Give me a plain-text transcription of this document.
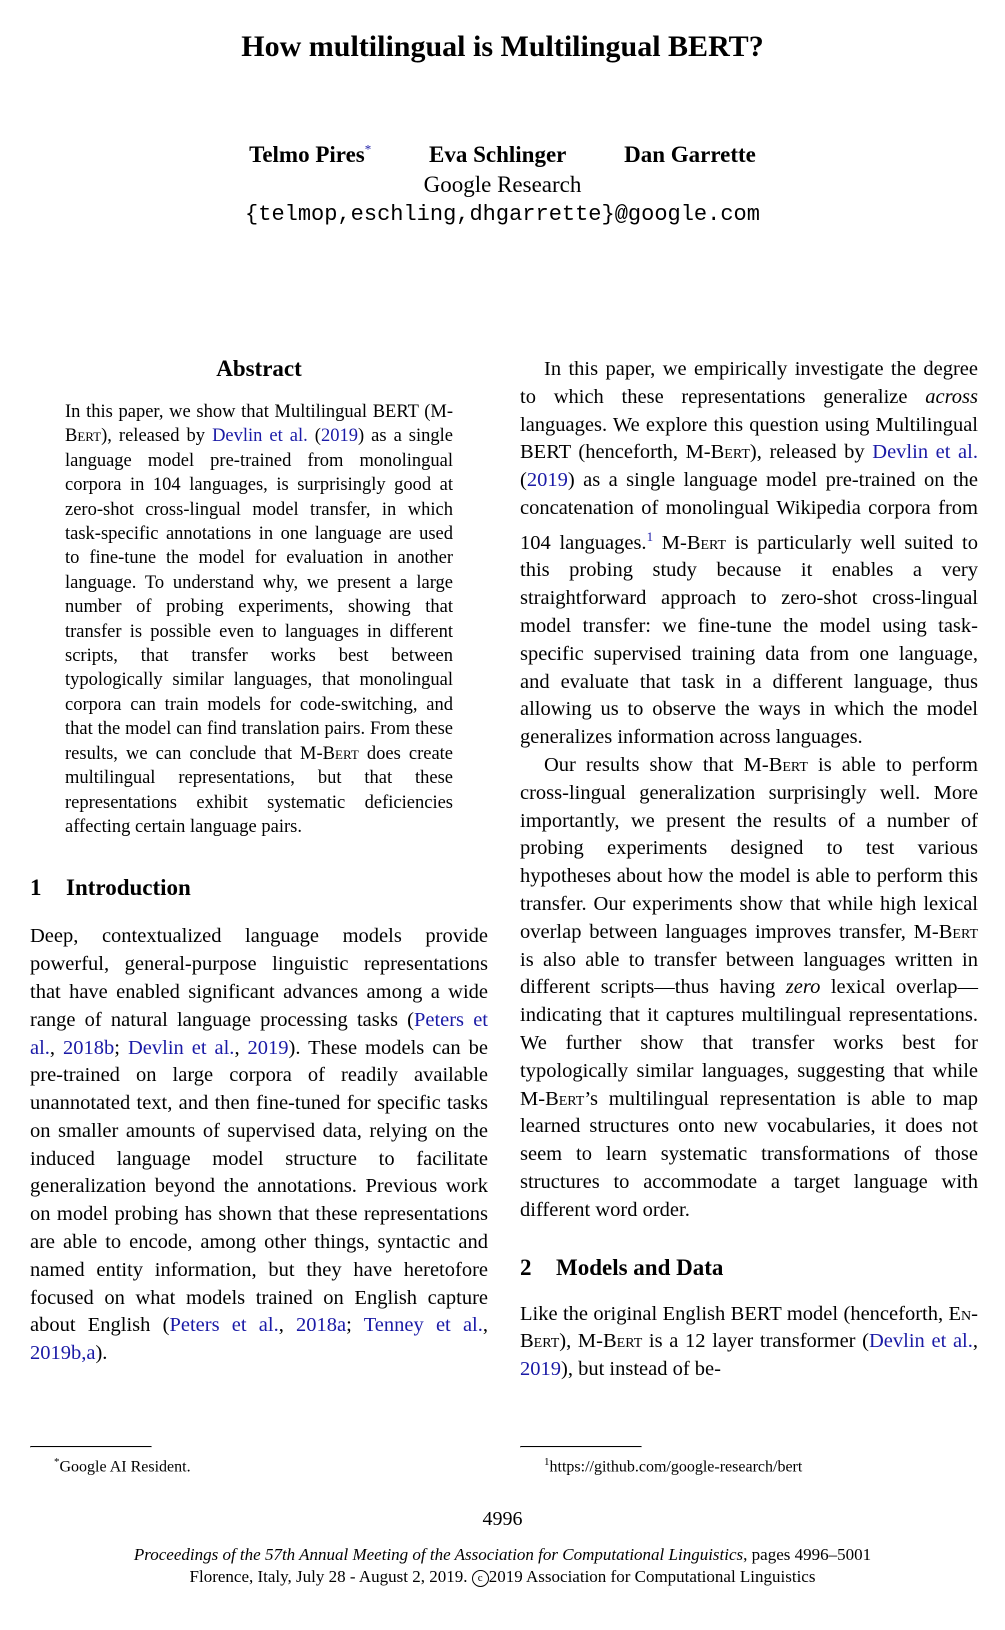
How multilingual is Multilingual BERT?
Telmo Pires*	Eva Schlinger	Dan Garrette
Google Research
{telmop,eschling,dhgarrette}@google.com

Abstract

In this paper, we show that Multilingual BERT (M-Bert), released by Devlin et al. (2019) as a single language model pre-trained from monolingual corpora in 104 languages, is surprisingly good at zero-shot cross-lingual model transfer, in which task-specific annotations in one language are used to fine-tune the model for evaluation in another language. To understand why, we present a large number of probing experiments, showing that transfer is possible even to languages in different scripts, that transfer works best between typologically similar languages, that monolingual corpora can train models for code-switching, and that the model can find translation pairs. From these results, we can conclude that M-Bert does create multilingual representations, but that these representations exhibit systematic deficiencies affecting certain language pairs.

1 Introduction

Deep, contextualized language models provide powerful, general-purpose linguistic representations that have enabled significant advances among a wide range of natural language processing tasks (Peters et al., 2018b; Devlin et al., 2019). These models can be pre-trained on large corpora of readily available unannotated text, and then fine-tuned for specific tasks on smaller amounts of supervised data, relying on the induced language model structure to facilitate generalization beyond the annotations. Previous work on model probing has shown that these representations are able to encode, among other things, syntactic and named entity information, but they have heretofore focused on what models trained on English capture about English (Peters et al., 2018a; Tenney et al., 2019b,a).

In this paper, we empirically investigate the degree to which these representations generalize across languages. We explore this question using Multilingual BERT (henceforth, M-Bert), released by Devlin et al. (2019) as a single language model pre-trained on the concatenation of monolingual Wikipedia corpora from 104 languages.$^1$ M-Bert is particularly well suited to this probing study because it enables a very straightforward approach to zero-shot cross-lingual model transfer: we fine-tune the model using task-specific supervised training data from one language, and evaluate that task in a different language, thus allowing us to observe the ways in which the model generalizes information across languages.

Our results show that M-Bert is able to perform cross-lingual generalization surprisingly well. More importantly, we present the results of a number of probing experiments designed to test various hypotheses about how the model is able to perform this transfer. Our experiments show that while high lexical overlap between languages improves transfer, M-Bert is also able to transfer between languages written in different scripts—thus having zero lexical overlap—indicating that it captures multilingual representations. We further show that transfer works best for typologically similar languages, suggesting that while M-Bert’s multilingual representation is able to map learned structures onto new vocabularies, it does not seem to learn systematic transformations of those structures to accommodate a target language with different word order.

2 Models and Data

Like the original English BERT model (henceforth, En-Bert), M-Bert is a 12 layer transformer (Devlin et al., 2019), but instead of be-

*Google AI Resident.	$^1$https://github.com/google-research/bert

4996
Proceedings of the 57th Annual Meeting of the Association for Computational Linguistics, pages 4996–5001
Florence, Italy, July 28 - August 2, 2019. c 2019 Association for Computational Linguistics
